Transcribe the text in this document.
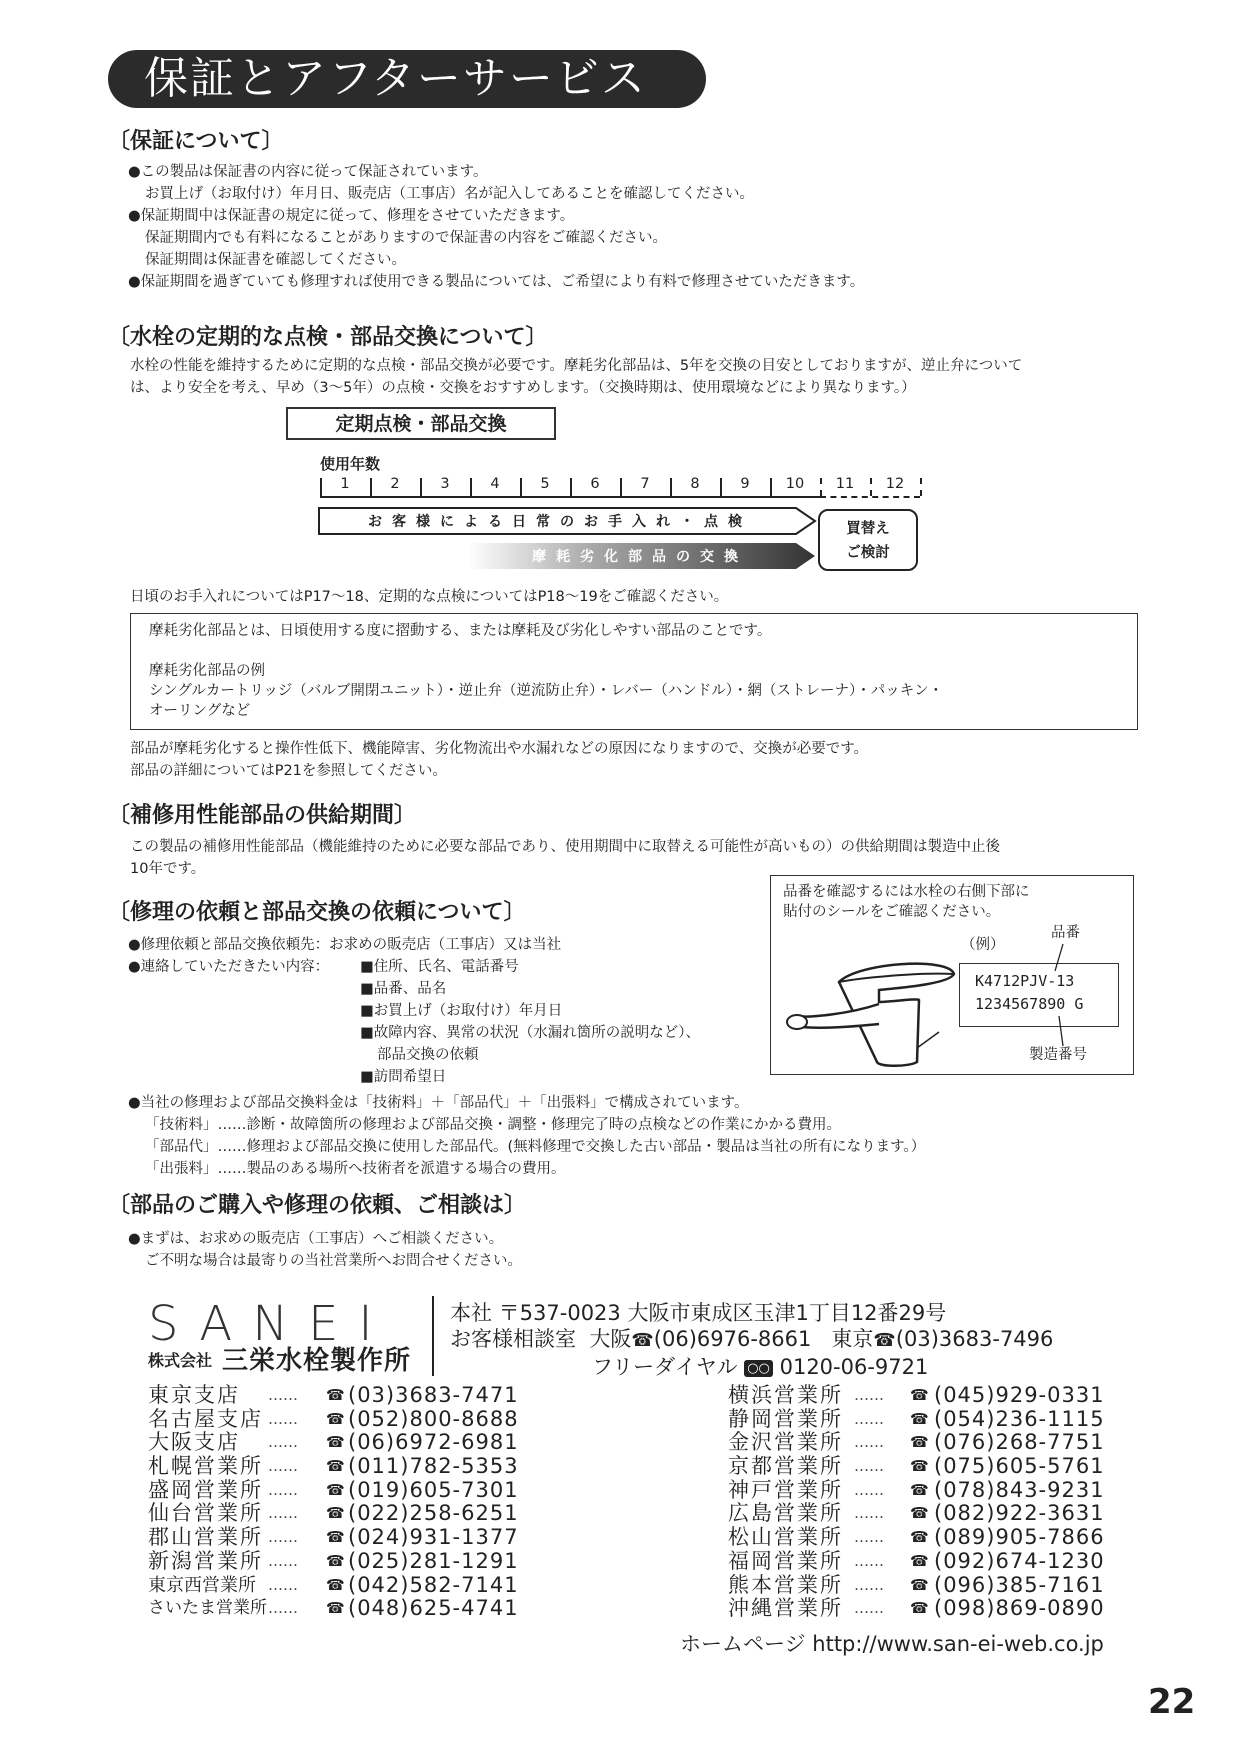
保証とアフターサービス
〔保証について〕

●この製品は保証書の内容に従って保証されています。

お買上げ（お取付け）年月日、販売店（工事店）名が記入してあることを確認してください。

●保証期間中は保証書の規定に従って、修理をさせていただきます。

保証期間内でも有料になることがありますので保証書の内容をご確認ください。

保証期間は保証書を確認してください。

●保証期間を過ぎていても修理すれば使用できる製品については、ご希望により有料で修理させていただきます。

〔水栓の定期的な点検・部品交換について〕

水栓の性能を維持するために定期的な点検・部品交換が必要です。摩耗劣化部品は、5年を交換の目安としておりますが、逆止弁について

は、より安全を考え、早め（3～5年）の点検・交換をおすすめします。（交換時期は、使用環境などにより異なります。）

定期点検・部品交換
使用年数
1	2	3	4	5	6	7	8	9	10	11	12
お客様による日常のお手入れ・点検
摩耗劣化部品の交換
買替え
ご検討
日頃のお手入れについてはP17～18、定期的な点検についてはP18～19をご確認ください。

摩耗劣化部品とは、日頃使用する度に摺動する、または摩耗及び劣化しやすい部品のことです。

摩耗劣化部品の例

シングルカートリッジ（バルブ開閉ユニット）・逆止弁（逆流防止弁）・レバー（ハンドル）・網（ストレーナ）・パッキン・

オーリングなど

部品が摩耗劣化すると操作性低下、機能障害、劣化物流出や水漏れなどの原因になりますので、交換が必要です。

部品の詳細についてはP21を参照してください。

〔補修用性能部品の供給期間〕

この製品の補修用性能部品（機能維持のために必要な部品であり、使用期間中に取替える可能性が高いもの）の供給期間は製造中止後

10年です。

〔修理の依頼と部品交換の依頼について〕

●修理依頼と部品交換依頼先：お求めの販売店（工事店）又は当社

●連絡していただきたい内容：	■住所、氏名、電話番号

■品番、品名

■お買上げ（お取付け）年月日

■故障内容、異常の状況（水漏れ箇所の説明など）、

部品交換の依頼

■訪問希望日

●当社の修理および部品交換料金は「技術料」＋「部品代」＋「出張料」で構成されています。

「技術料」……診断・故障箇所の修理および部品交換・調整・修理完了時の点検などの作業にかかる費用。

「部品代」……修理および部品交換に使用した部品代。(無料修理で交換した古い部品・製品は当社の所有になります。）

「出張料」……製品のある場所へ技術者を派遣する場合の費用。

品番を確認するには水栓の右側下部に

貼付のシールをご確認ください。

（例）
品番
K4712PJV-13
1234567890 G
製造番号
〔部品のご購入や修理の依頼、ご相談は〕

●まずは、お求めの販売店（工事店）へご相談ください。

ご不明な場合は最寄りの当社営業所へお問合せください。

SANEI
株式会社 三栄水栓製作所
本社 〒537-0023 大阪市東成区玉津1丁目12番29号
お客様相談室 大阪☎(06)6976-8661 東京☎(03)3683-7496
フリーダイヤル ○○ 0120-06-9721
東京支店 …… ☎ (03)3683-7471
名古屋支店 …… ☎ (052)800-8688
大阪支店 …… ☎ (06)6972-6981
札幌営業所 …… ☎ (011)782-5353
盛岡営業所 …… ☎ (019)605-7301
仙台営業所 …… ☎ (022)258-6251
郡山営業所 …… ☎ (024)931-1377
新潟営業所 …… ☎ (025)281-1291
東京西営業所 …… ☎ (042)582-7141
さいたま営業所 …… ☎ (048)625-4741
横浜営業所 …… ☎ (045)929-0331
静岡営業所 …… ☎ (054)236-1115
金沢営業所 …… ☎ (076)268-7751
京都営業所 …… ☎ (075)605-5761
神戸営業所 …… ☎ (078)843-9231
広島営業所 …… ☎ (082)922-3631
松山営業所 …… ☎ (089)905-7866
福岡営業所 …… ☎ (092)674-1230
熊本営業所 …… ☎ (096)385-7161
沖縄営業所 …… ☎ (098)869-0890
ホームページ http://www.san-ei-web.co.jp
22
